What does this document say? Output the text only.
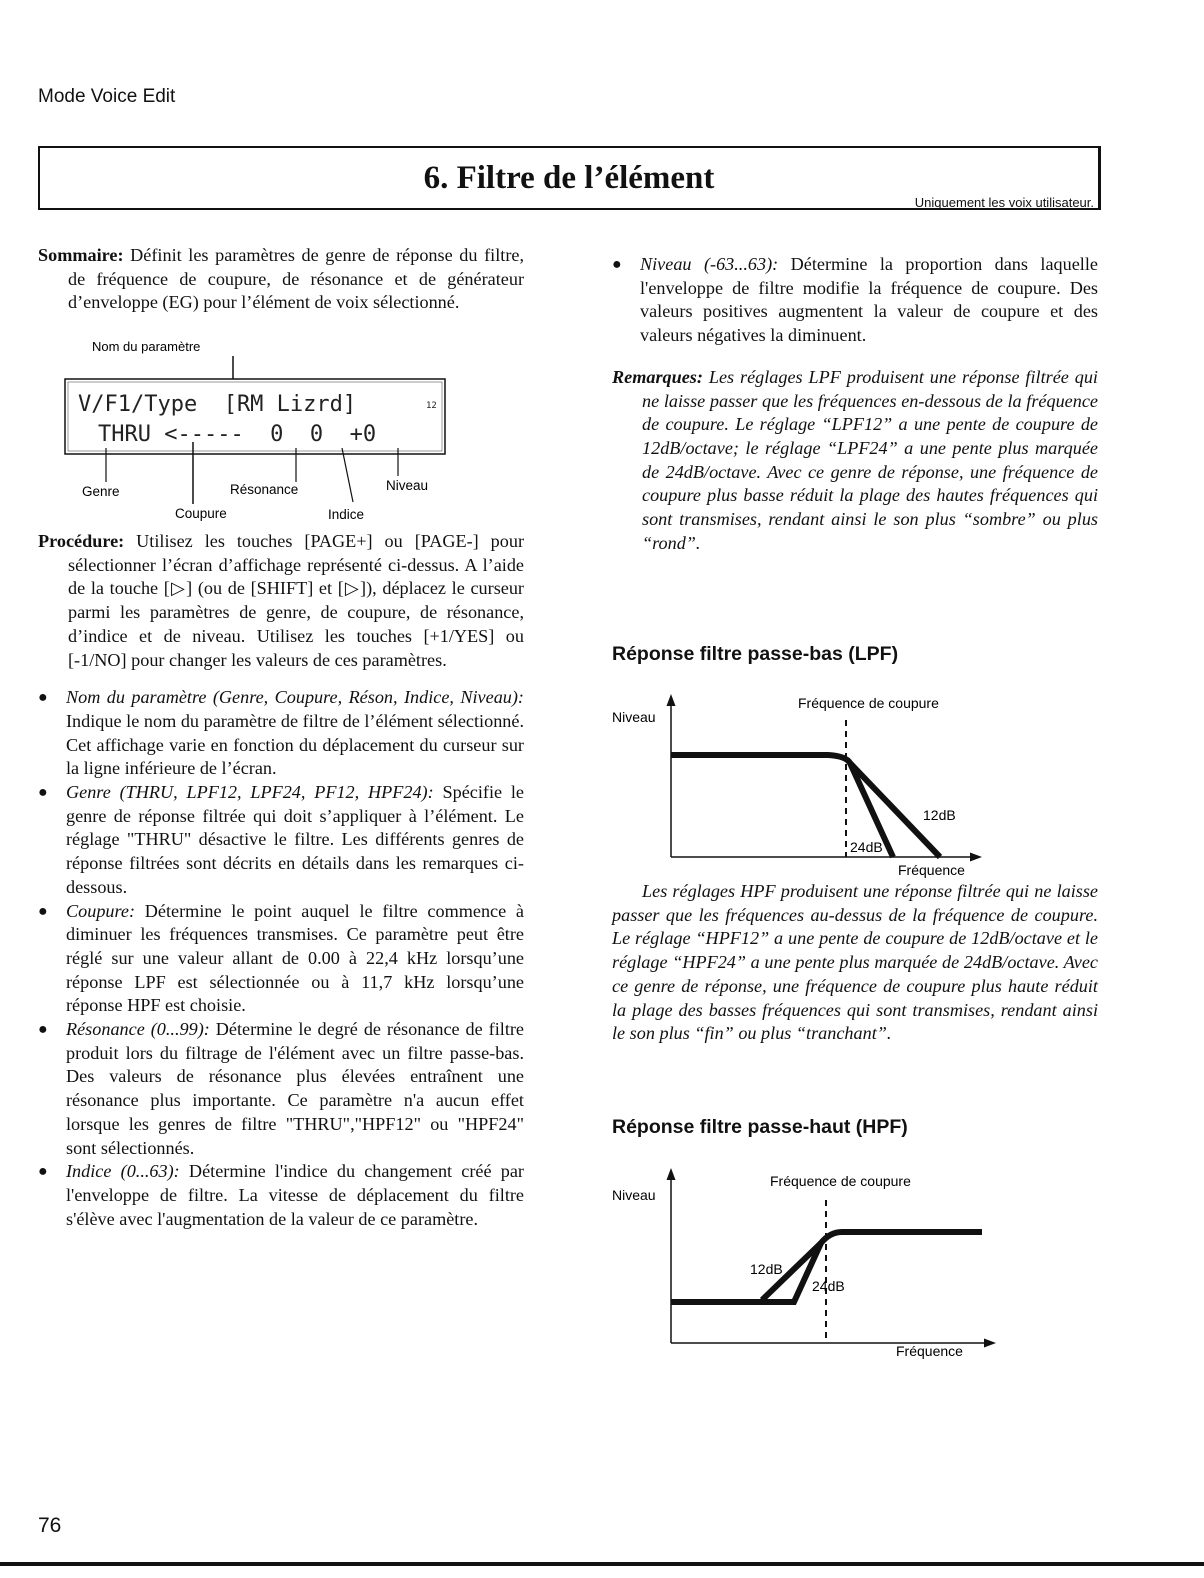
Mode Voice Edit
6. Filtre de l’élément
Uniquement les voix utilisateur.

Sommaire: Définit les paramètres de genre de réponse du filtre, de fréquence de coupure, de résonance et de générateur d’enveloppe (EG) pour l’élément de voix sélectionné.

Nom du paramètre
V/F1/Type  [RM Lizrd]	12
THRU <-----  0  0  +0
Genre
Coupure
Résonance
Indice
Niveau

Procédure: Utilisez les touches [PAGE+] ou [PAGE-] pour sélectionner l’écran d’affichage représenté ci-dessus. A l’aide de la touche [▷] (ou de [SHIFT] et [▷]), déplacez le curseur parmi les paramètres de genre, de coupure, de résonance, d’indice et de niveau. Utilisez les touches [+1/YES] ou [-1/NO] pour changer les valeurs de ces paramètres.

● Nom du paramètre (Genre, Coupure, Réson, Indice, Niveau): Indique le nom du paramètre de filtre de l’élément sélectionné. Cet affichage varie en fonction du déplacement du curseur sur la ligne inférieure de l’écran.

● Genre (THRU, LPF12, LPF24, PF12, HPF24): Spécifie le genre de réponse filtrée qui doit s’appliquer à l’élément. Le réglage "THRU" désactive le filtre. Les différents genres de réponse filtrées sont décrits en détails dans les remarques ci-dessous.

● Coupure: Détermine le point auquel le filtre commence à diminuer les fréquences transmises. Ce paramètre peut être réglé sur une valeur allant de 0.00 à 22,4 kHz lorsqu’une réponse LPF est sélectionnée ou à 11,7 kHz lorsqu’une réponse HPF est choisie.

● Résonance (0...99): Détermine le degré de résonance de filtre produit lors du filtrage de l'élément avec un filtre passe-bas. Des valeurs de résonance plus élevées entraînent une résonance plus importante. Ce paramètre n'a aucun effet lorsque les genres de filtre "THRU","HPF12" ou "HPF24" sont sélectionnés.

● Indice (0...63): Détermine l'indice du changement créé par l'enveloppe de filtre. La vitesse de déplacement du filtre s'élève avec l'augmentation de la valeur de ce paramètre.

● Niveau (-63...63): Détermine la proportion dans laquelle l'enveloppe de filtre modifie la fréquence de coupure. Des valeurs positives augmentent la valeur de coupure et des valeurs négatives la diminuent.

Remarques: Les réglages LPF produisent une réponse filtrée qui ne laisse passer que les fréquences en-dessous de la fréquence de coupure. Le réglage “LPF12” a une pente de coupure de 12dB/octave; le réglage “LPF24” a une pente plus marquée de 24dB/octave. Avec ce genre de réponse, une fréquence de coupure plus basse réduit la plage des hautes fréquences qui sont transmises, rendant ainsi le son plus “sombre” ou plus “rond”.

Réponse filtre passe-bas (LPF)
Niveau
Fréquence de coupure
12dB
24dB
Fréquence

Les réglages HPF produisent une réponse filtrée qui ne laisse passer que les fréquences au-dessus de la fréquence de coupure. Le réglage “HPF12” a une pente de coupure de 12dB/octave et le réglage “HPF24” a une pente plus marquée de 24dB/octave. Avec ce genre de réponse, une fréquence de coupure plus haute réduit la plage des basses fréquences qui sont transmises, rendant ainsi le son plus “fin” ou plus “tranchant”.

Réponse filtre passe-haut (HPF)
Niveau
Fréquence de coupure
12dB
24dB
Fréquence
76
